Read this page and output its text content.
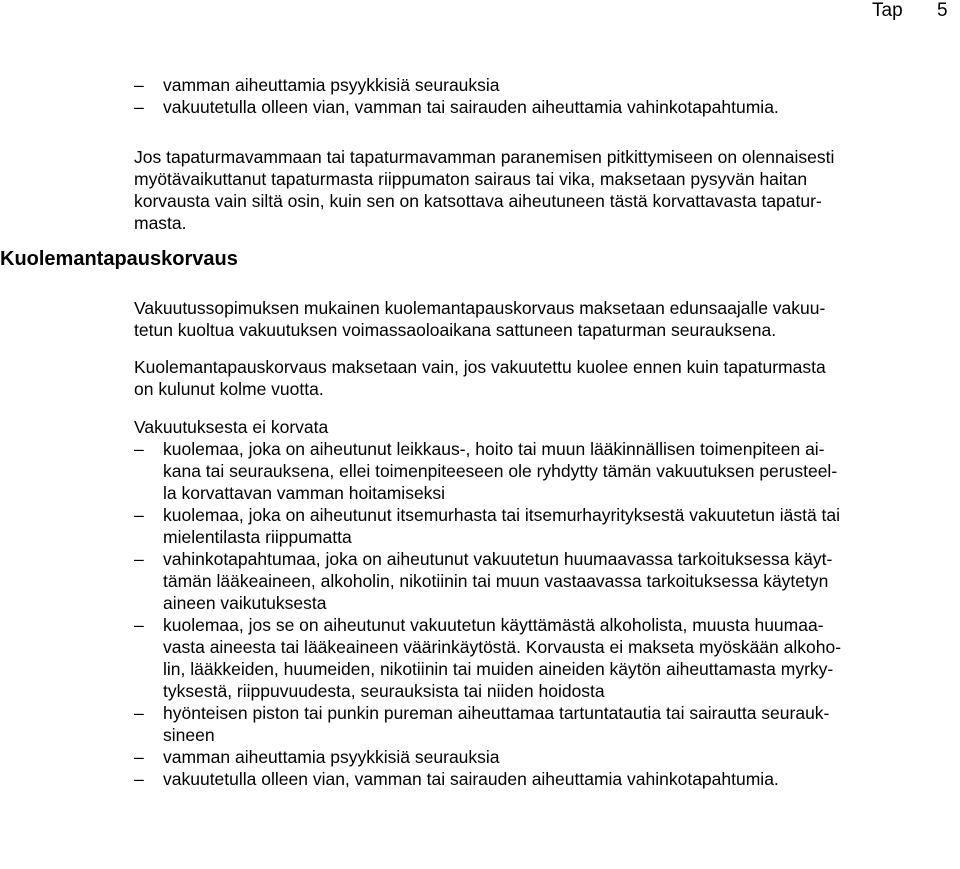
Tap 5
– vamman aiheuttamia psyykkisiä seurauksia
– vakuutetulla olleen vian, vamman tai sairauden aiheuttamia vahinkotapahtumia.
Jos tapaturmavammaan tai tapaturmavamman paranemisen pitkittymiseen on olennaisesti
myötävaikuttanut tapaturmasta riippumaton sairaus tai vika, maksetaan pysyvän haitan
korvausta vain siltä osin, kuin sen on katsottava aiheutuneen tästä korvattavasta tapatur-
masta.
Kuolemantapauskorvaus
Vakuutussopimuksen mukainen kuolemantapauskorvaus maksetaan edunsaajalle vakuu-
tetun kuoltua vakuutuksen voimassaoloaikana sattuneen tapaturman seurauksena.
Kuolemantapauskorvaus maksetaan vain, jos vakuutettu kuolee ennen kuin tapaturmasta
on kulunut kolme vuotta.
Vakuutuksesta ei korvata
– kuolemaa, joka on aiheutunut leikkaus-, hoito tai muun lääkinnällisen toimenpiteen ai-
kana tai seurauksena, ellei toimenpiteeseen ole ryhdytty tämän vakuutuksen perusteel-
la korvattavan vamman hoitamiseksi
– kuolemaa, joka on aiheutunut itsemurhasta tai itsemurhayrityksestä vakuutetun iästä tai
mielentilasta riippumatta
– vahinkotapahtumaa, joka on aiheutunut vakuutetun huumaavassa tarkoituksessa käyt-
tämän lääkeaineen, alkoholin, nikotiinin tai muun vastaavassa tarkoituksessa käytetyn
aineen vaikutuksesta
– kuolemaa, jos se on aiheutunut vakuutetun käyttämästä alkoholista, muusta huumaa-
vasta aineesta tai lääkeaineen väärinkäytöstä. Korvausta ei makseta myöskään alkoho-
lin, lääkkeiden, huumeiden, nikotiinin tai muiden aineiden käytön aiheuttamasta myrky-
tyksestä, riippuvuudesta, seurauksista tai niiden hoidosta
– hyönteisen piston tai punkin pureman aiheuttamaa tartuntatautia tai sairautta seurauk-
sineen
– vamman aiheuttamia psyykkisiä seurauksia
– vakuutetulla olleen vian, vamman tai sairauden aiheuttamia vahinkotapahtumia.
